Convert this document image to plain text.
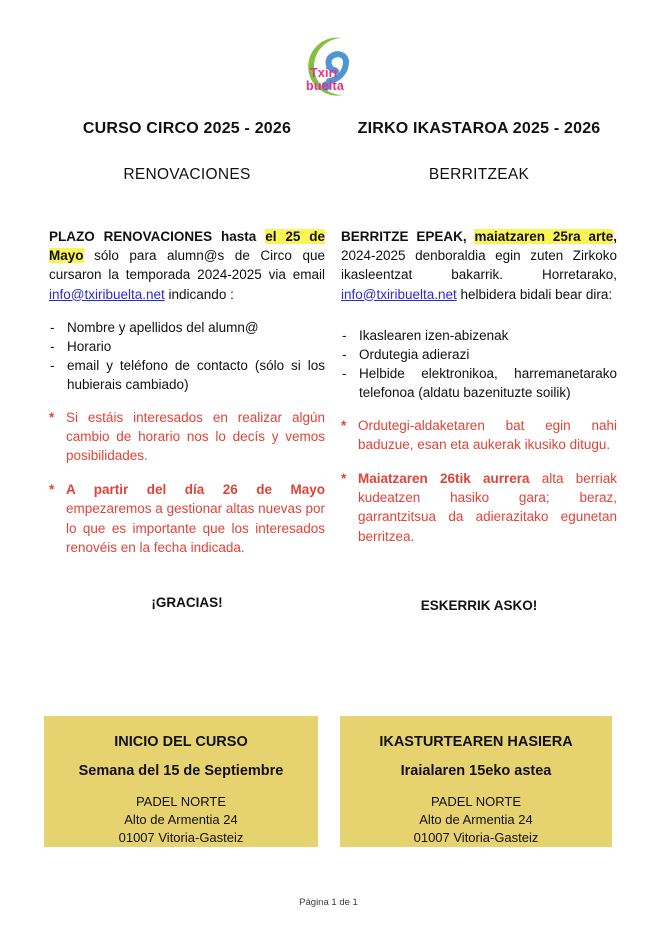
Txiri
buelta
CURSO CIRCO 2025 - 2026
RENOVACIONES

PLAZO RENOVACIONES hasta el 25 de Mayo sólo para alumn@s de Circo que cursaron la temporada 2024-2025 via email info@txiribuelta.net indicando :

- Nombre y apellidos del alumn@
- Horario
- email y teléfono de contacto (sólo si los hubierais cambiado)
* Si estáis interesados en realizar algún cambio de horario nos lo decís y vemos posibilidades.
* A partir del día 26 de Mayo empezaremos a gestionar altas nuevas por lo que es importante que los interesados renovéis en la fecha indicada.
¡GRACIAS!
ZIRKO IKASTAROA 2025 - 2026
BERRITZEAK

BERRITZE EPEAK, maiatzaren 25ra arte, 2024-2025 denboraldia egin zuten Zirkoko ikasleentzat bakarrik. Horretarako, info@txiribuelta.net helbidera bidali bear dira:

- Ikaslearen izen-abizenak
- Ordutegia adierazi
- Helbide elektronikoa, harremanetarako telefonoa (aldatu bazenituzte soilik)
* Ordutegi-aldaketaren bat egin nahi baduzue, esan eta aukerak ikusiko ditugu.
* Maiatzaren 26tik aurrera alta berriak kudeatzen hasiko gara; beraz, garrantzitsua da adierazitako egunetan berritzea.
ESKERRIK ASKO!
INICIO DEL CURSO
Semana del 15 de Septiembre
PADEL NORTE
Alto de Armentia 24
01007 Vitoria-Gasteiz
IKASTURTEAREN HASIERA
Iraialaren 15eko astea
PADEL NORTE
Alto de Armentia 24
01007 Vitoria-Gasteiz
Página 1 de 1
